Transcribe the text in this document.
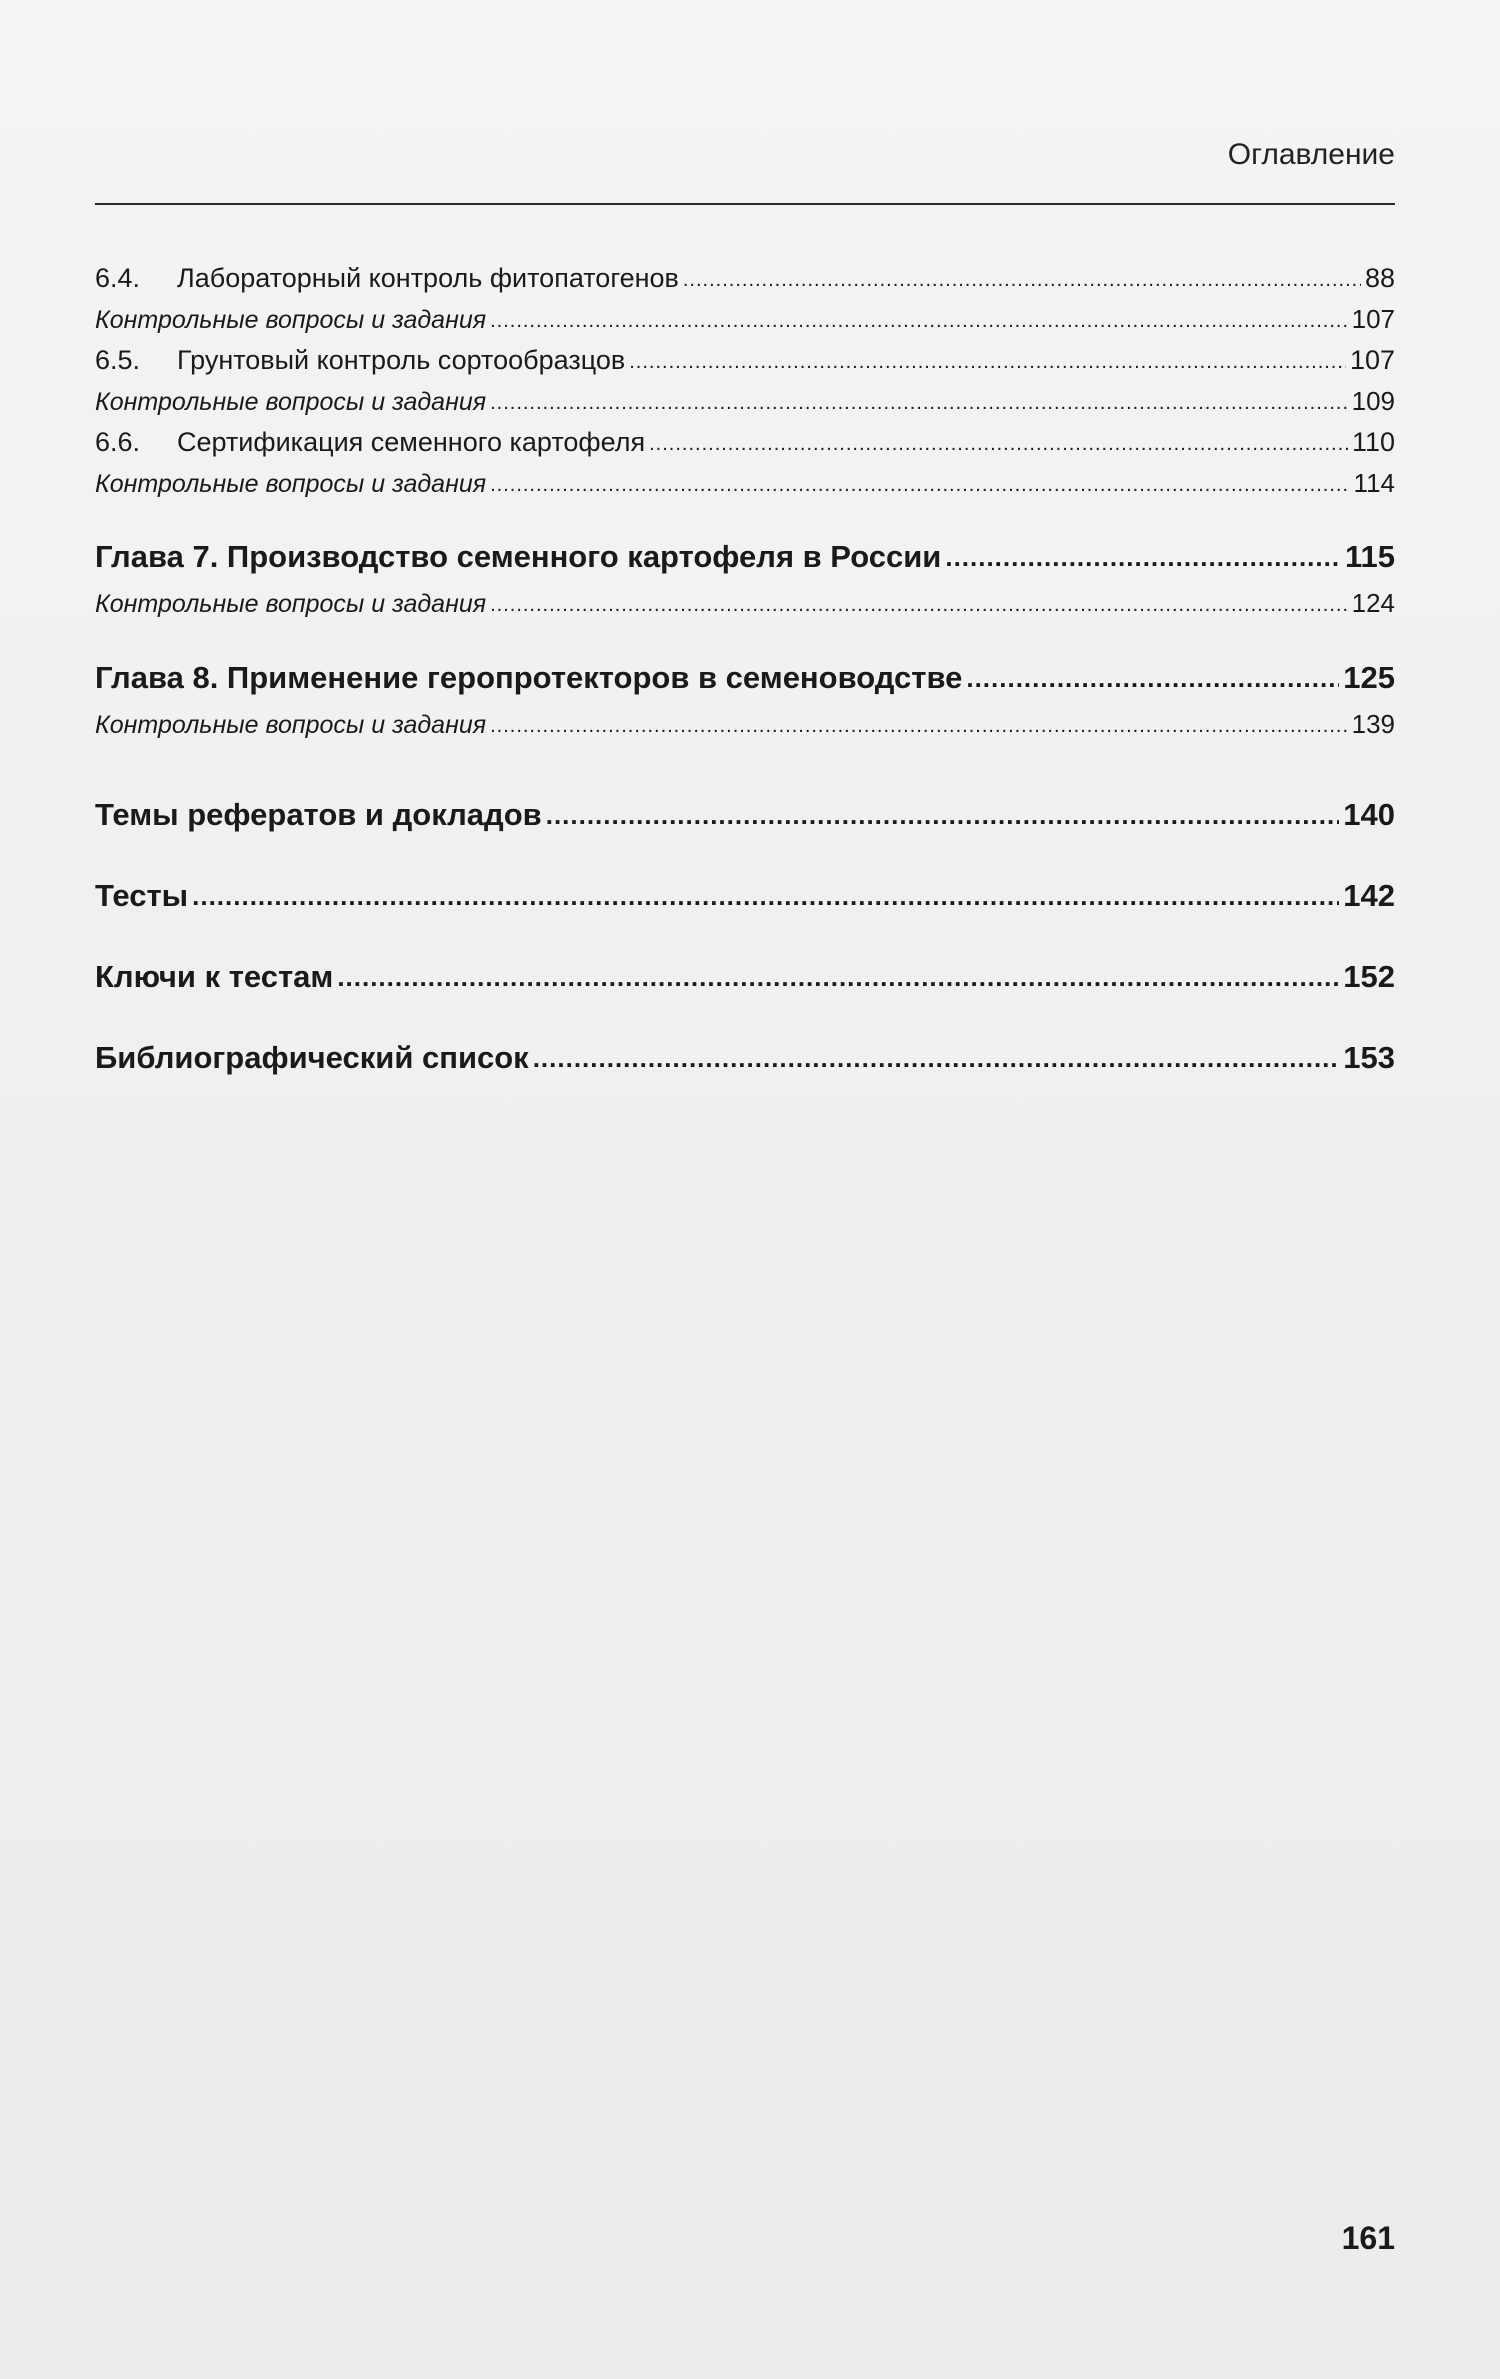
Оглавление
6.4.	Лабораторный контроль фитопатогенов .....	88
Контрольные вопросы и задания .....	107
6.5.	Грунтовый контроль сортообразцов .....	107
Контрольные вопросы и задания .....	109
6.6.	Сертификация семенного картофеля .....	110
Контрольные вопросы и задания .....	114
Глава 7. Производство семенного картофеля в России .....	115
Контрольные вопросы и задания .....	124
Глава 8. Применение геропротекторов в семеноводстве .....	125
Контрольные вопросы и задания .....	139
Темы рефератов и докладов .....	140
Тесты .....	142
Ключи к тестам .....	152
Библиографический список .....	153
161
